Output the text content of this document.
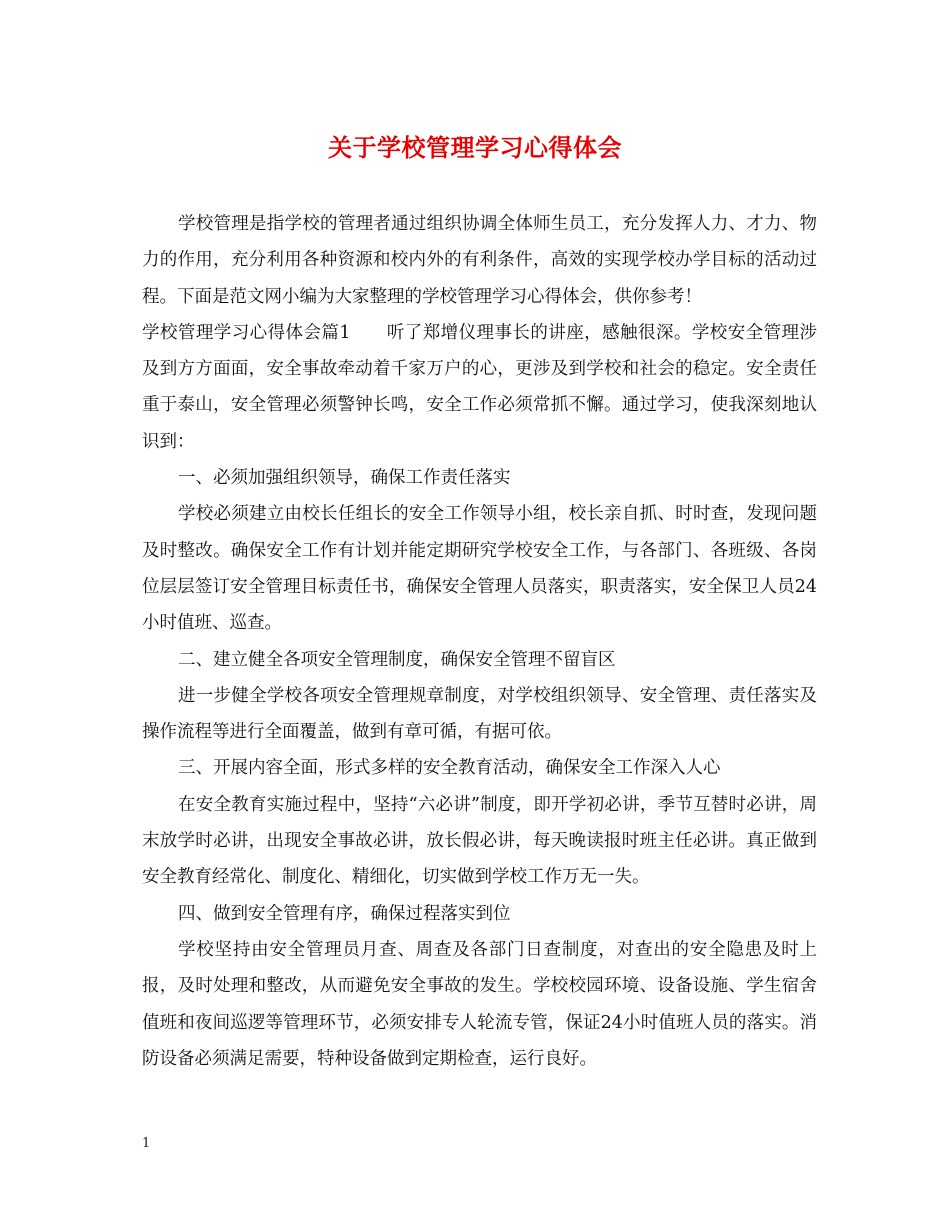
关于学校管理学习心得体会

学校管理是指学校的管理者通过组织协调全体师生员工，充分发挥人力、才力、物力的作用，充分利用各种资源和校内外的有利条件，高效的实现学校办学目标的活动过程。下面是范文网小编为大家整理的学校管理学习心得体会，供你参考！

学校管理学习心得体会篇1　　听了郑增仪理事长的讲座，感触很深。学校安全管理涉及到方方面面，安全事故牵动着千家万户的心，更涉及到学校和社会的稳定。安全责任重于泰山，安全管理必须警钟长鸣，安全工作必须常抓不懈。通过学习，使我深刻地认识到：

一、必须加强组织领导，确保工作责任落实

学校必须建立由校长任组长的安全工作领导小组，校长亲自抓、时时查，发现问题及时整改。确保安全工作有计划并能定期研究学校安全工作，与各部门、各班级、各岗位层层签订安全管理目标责任书，确保安全管理人员落实，职责落实，安全保卫人员24小时值班、巡查。

二、建立健全各项安全管理制度，确保安全管理不留盲区

进一步健全学校各项安全管理规章制度，对学校组织领导、安全管理、责任落实及操作流程等进行全面覆盖，做到有章可循，有据可依。

三、开展内容全面，形式多样的安全教育活动，确保安全工作深入人心

在安全教育实施过程中，坚持“六必讲”制度，即开学初必讲，季节互替时必讲，周末放学时必讲，出现安全事故必讲，放长假必讲，每天晚读报时班主任必讲。真正做到安全教育经常化、制度化、精细化，切实做到学校工作万无一失。

四、做到安全管理有序，确保过程落实到位

学校坚持由安全管理员月查、周查及各部门日查制度，对查出的安全隐患及时上报，及时处理和整改，从而避免安全事故的发生。学校校园环境、设备设施、学生宿舍值班和夜间巡逻等管理环节，必须安排专人轮流专管，保证24小时值班人员的落实。消防设备必须满足需要，特种设备做到定期检查，运行良好。

1
